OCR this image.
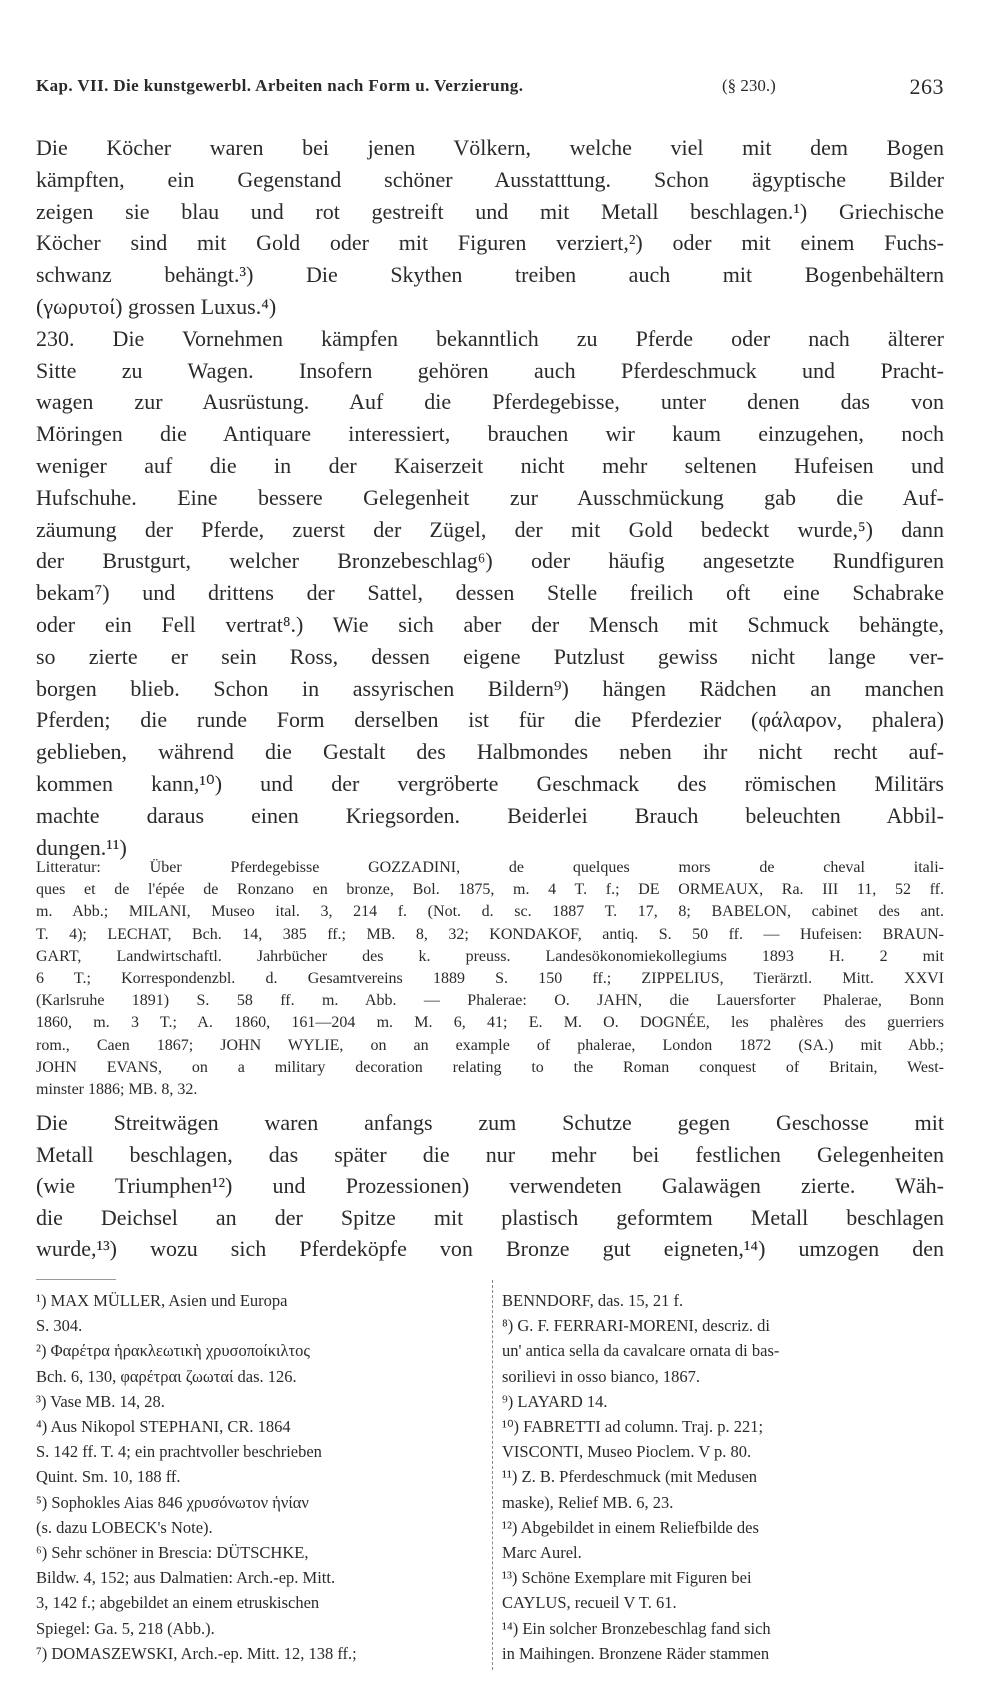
Kap. VII. Die kunstgewerbl. Arbeiten nach Form u. Verzierung.	(§ 230.)	263
Die Köcher waren bei jenen Völkern, welche viel mit dem Bogen
kämpften, ein Gegenstand schöner Ausstatttung. Schon ägyptische Bilder
zeigen sie blau und rot gestreift und mit Metall beschlagen.¹) Griechische
Köcher sind mit Gold oder mit Figuren verziert,²) oder mit einem Fuchs-
schwanz behängt.³) Die Skythen treiben auch mit Bogenbehältern
(γωρυτοί) grossen Luxus.⁴)
230. Die Vornehmen kämpfen bekanntlich zu Pferde oder nach älterer
Sitte zu Wagen. Insofern gehören auch Pferdeschmuck und Pracht-
wagen zur Ausrüstung. Auf die Pferdegebisse, unter denen das von
Möringen die Antiquare interessiert, brauchen wir kaum einzugehen, noch
weniger auf die in der Kaiserzeit nicht mehr seltenen Hufeisen und
Hufschuhe. Eine bessere Gelegenheit zur Ausschmückung gab die Auf-
zäumung der Pferde, zuerst der Zügel, der mit Gold bedeckt wurde,⁵) dann
der Brustgurt, welcher Bronzebeschlag⁶) oder häufig angesetzte Rundfiguren
bekam⁷) und drittens der Sattel, dessen Stelle freilich oft eine Schabrake
oder ein Fell vertrat⁸.) Wie sich aber der Mensch mit Schmuck behängte,
so zierte er sein Ross, dessen eigene Putzlust gewiss nicht lange ver-
borgen blieb. Schon in assyrischen Bildern⁹) hängen Rädchen an manchen
Pferden; die runde Form derselben ist für die Pferdezier (φάλαρον, phalera)
geblieben, während die Gestalt des Halbmondes neben ihr nicht recht auf-
kommen kann,¹⁰) und der vergröberte Geschmack des römischen Militärs
machte daraus einen Kriegsorden. Beiderlei Brauch beleuchten Abbil-
dungen.¹¹)
Litteratur: Über Pferdegebisse GOZZADINI, de quelques mors de cheval itali-
ques et de l'épée de Ronzano en bronze, Bol. 1875, m. 4 T. f.; DE ORMEAUX, Ra. III 11, 52 ff.
m. Abb.; MILANI, Museo ital. 3, 214 f. (Not. d. sc. 1887 T. 17, 8; BABELON, cabinet des ant.
T. 4); LECHAT, Bch. 14, 385 ff.; MB. 8, 32; KONDAKOF, antiq. S. 50 ff. — Hufeisen: BRAUN-
GART, Landwirtschaftl. Jahrbücher des k. preuss. Landesökonomiekollegiums 1893 H. 2 mit
6 T.; Korrespondenzbl. d. Gesamtvereins 1889 S. 150 ff.; ZIPPELIUS, Tierärztl. Mitt. XXVI
(Karlsruhe 1891) S. 58 ff. m. Abb. — Phalerae: O. JAHN, die Lauersforter Phalerae, Bonn
1860, m. 3 T.; A. 1860, 161—204 m. M. 6, 41; E. M. O. DOGNÉE, les phalères des guerriers
rom., Caen 1867; JOHN WYLIE, on an example of phalerae, London 1872 (SA.) mit Abb.;
JOHN EVANS, on a military decoration relating to the Roman conquest of Britain, West-
minster 1886; MB. 8, 32.
Die Streitwägen waren anfangs zum Schutze gegen Geschosse mit
Metall beschlagen, das später die nur mehr bei festlichen Gelegenheiten
(wie Triumphen¹²) und Prozessionen) verwendeten Galawägen zierte. Wäh-
die Deichsel an der Spitze mit plastisch geformtem Metall beschlagen
wurde,¹³) wozu sich Pferdeköpfe von Bronze gut eigneten,¹⁴) umzogen den
¹) MAX MÜLLER, Asien und Europa
S. 304.
²) Φαρέτρα ἡρακλεωτικὴ χρυσοποίκιλτος
Bch. 6, 130, φαρέτραι ζωωταί das. 126.
³) Vase MB. 14, 28.
⁴) Aus Nikopol STEPHANI, CR. 1864
S. 142 ff. T. 4; ein prachtvoller beschrieben
Quint. Sm. 10, 188 ff.
⁵) Sophokles Aias 846 χρυσόνωτον ἡνίαν
(s. dazu LOBECK's Note).
⁶) Sehr schöner in Brescia: DÜTSCHKE,
Bildw. 4, 152; aus Dalmatien: Arch.-ep. Mitt.
3, 142 f.; abgebildet an einem etruskischen
Spiegel: Ga. 5, 218 (Abb.).
⁷) DOMASZEWSKI, Arch.-ep. Mitt. 12, 138 ff.;
BENNDORF, das. 15, 21 f.
⁸) G. F. FERRARI-MORENI, descriz. di
un' antica sella da cavalcare ornata di bas-
sorilievi in osso bianco, 1867.
⁹) LAYARD 14.
¹⁰) FABRETTI ad column. Traj. p. 221;
VISCONTI, Museo Pioclem. V p. 80.
¹¹) Z. B. Pferdeschmuck (mit Medusen
maske), Relief MB. 6, 23.
¹²) Abgebildet in einem Reliefbilde des
Marc Aurel.
¹³) Schöne Exemplare mit Figuren bei
CAYLUS, recueil V T. 61.
¹⁴) Ein solcher Bronzebeschlag fand sich
in Maihingen. Bronzene Räder stammen
